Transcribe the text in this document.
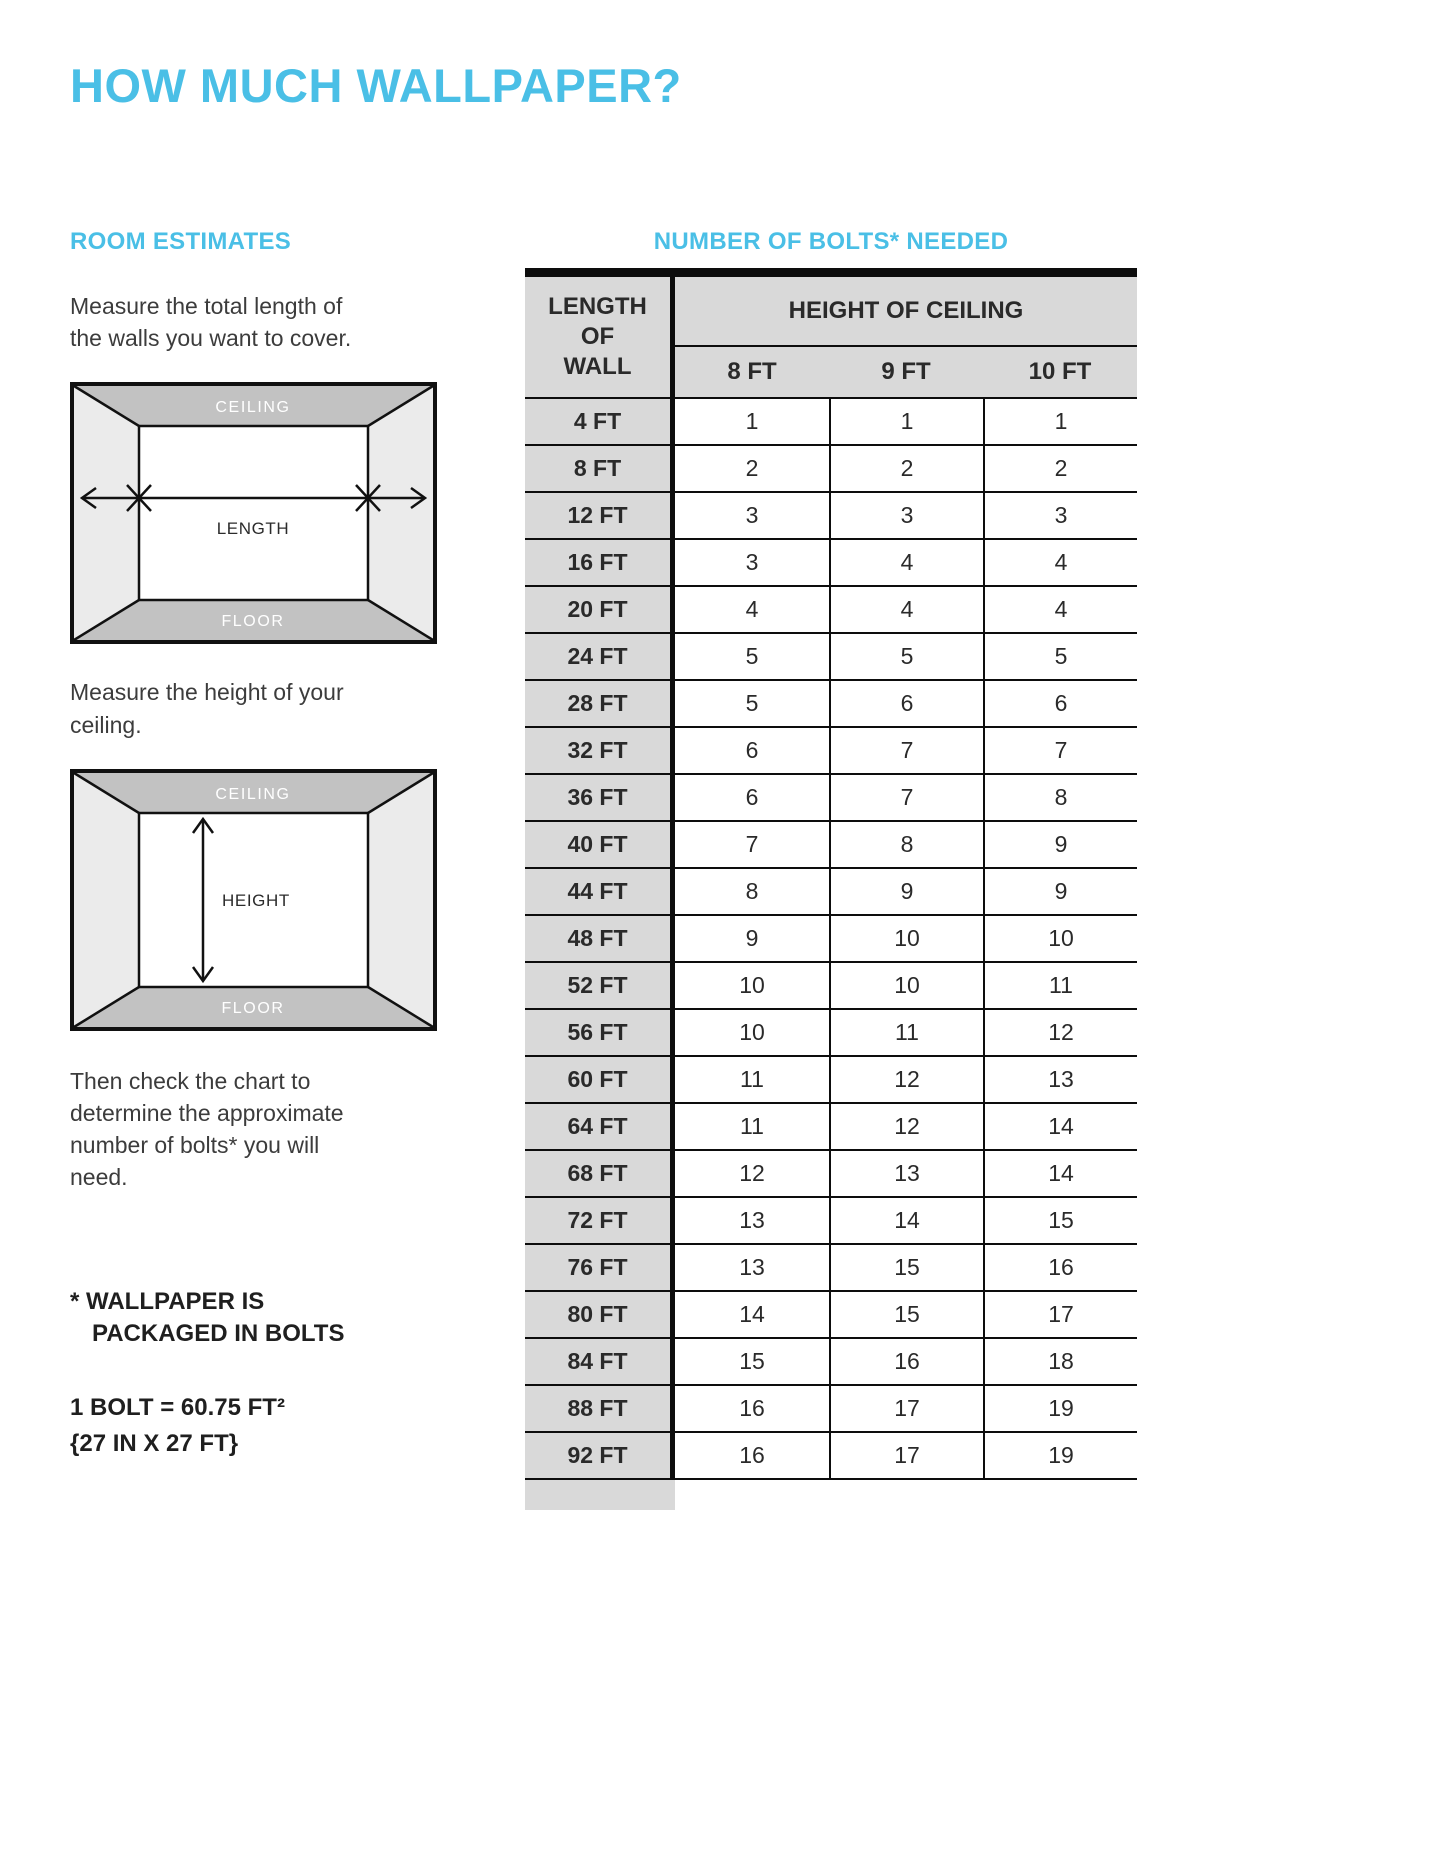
HOW MUCH WALLPAPER?
ROOM ESTIMATES

Measure the total length of the walls you want to cover.

CEILING
FLOOR
LENGTH

Measure the height of your ceiling.

CEILING
FLOOR
HEIGHT

Then check the chart to determine the approximate number of bolts* you will need.

* WALLPAPER IS
PACKAGED IN BOLTS
1 BOLT = 60.75 FT²
{27 IN X 27 FT}
NUMBER OF BOLTS* NEEDED
LENGTH OF WALL
HEIGHT OF CEILING
8 FT	9 FT	10 FT
4 FT	1	1	1
8 FT	2	2	2
12 FT	3	3	3
16 FT	3	4	4
20 FT	4	4	4
24 FT	5	5	5
28 FT	5	6	6
32 FT	6	7	7
36 FT	6	7	8
40 FT	7	8	9
44 FT	8	9	9
48 FT	9	10	10
52 FT	10	10	11
56 FT	10	11	12
60 FT	11	12	13
64 FT	11	12	14
68 FT	12	13	14
72 FT	13	14	15
76 FT	13	15	16
80 FT	14	15	17
84 FT	15	16	18
88 FT	16	17	19
92 FT	16	17	19
